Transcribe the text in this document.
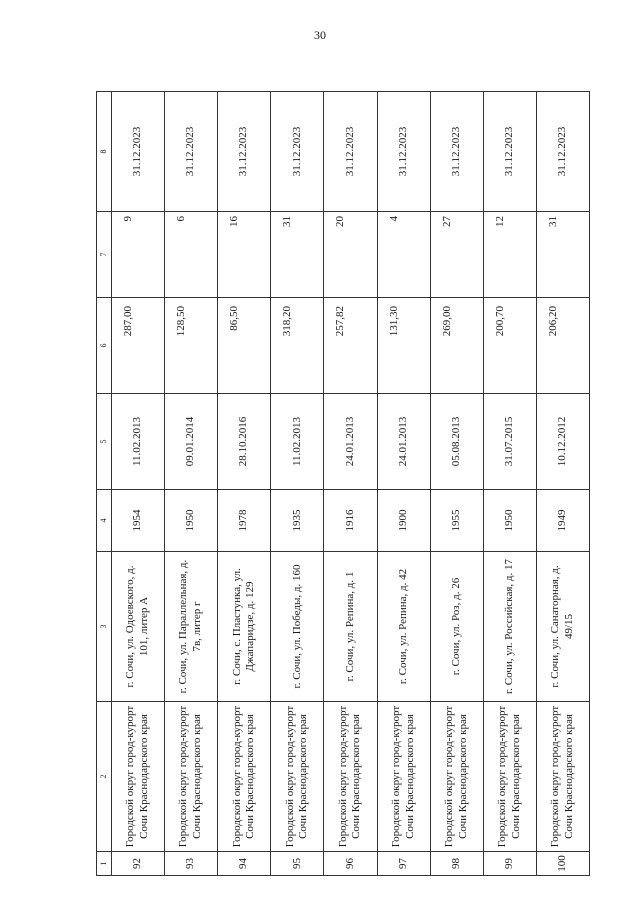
30
1	2	3	4	5	6	7	8
92	Городской округ город-курорт Сочи Краснодарского края	г. Сочи, ул. Одоевского, д. 101, литер А	1954	11.02.2013	287,00	9	31.12.2023
93	Городской округ город-курорт Сочи Краснодарского края	г. Сочи, ул. Параллельная, д. 7в, литер г	1950	09.01.2014	128,50	6	31.12.2023
94	Городской округ город-курорт Сочи Краснодарского края	г. Сочи, с. Пластунка, ул. Джапаридзе, д. 129	1978	28.10.2016	86,50	16	31.12.2023
95	Городской округ город-курорт Сочи Краснодарского края	г. Сочи, ул. Победы, д. 160	1935	11.02.2013	318,20	31	31.12.2023
96	Городской округ город-курорт Сочи Краснодарского края	г. Сочи, ул. Репина, д. 1	1916	24.01.2013	257,82	20	31.12.2023
97	Городской округ город-курорт Сочи Краснодарского края	г. Сочи, ул. Репина, д. 42	1900	24.01.2013	131,30	4	31.12.2023
98	Городской округ город-курорт Сочи Краснодарского края	г. Сочи, ул. Роз, д. 26	1955	05.08.2013	269,00	27	31.12.2023
99	Городской округ город-курорт Сочи Краснодарского края	г. Сочи, ул. Российская, д. 17	1950	31.07.2015	200,70	12	31.12.2023
100	Городской округ город-курорт Сочи Краснодарского края	г. Сочи, ул. Санаторная, д. 49/15	1949	10.12.2012	206,20	31	31.12.2023
